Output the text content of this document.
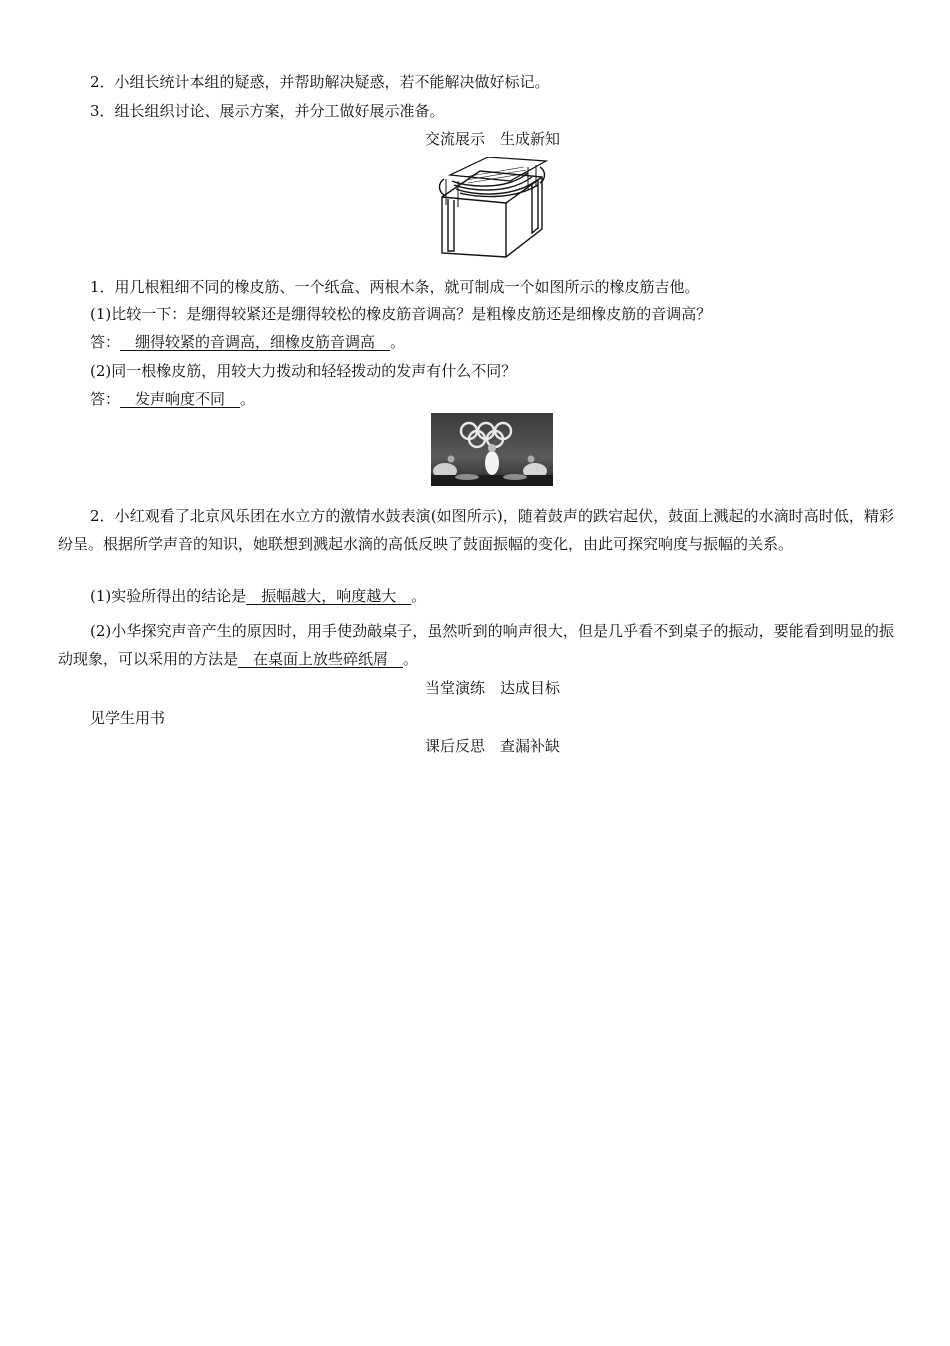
2．小组长统计本组的疑惑，并帮助解决疑惑，若不能解决做好标记。
3．组长组织讨论、展示方案，并分工做好展示准备。
交流展示　生成新知
1．用几根粗细不同的橡皮筋、一个纸盒、两根木条，就可制成一个如图所示的橡皮筋吉他。
(1)比较一下：是绷得较紧还是绷得较松的橡皮筋音调高？是粗橡皮筋还是细橡皮筋的音调高？
答：__绷得较紧的音调高，细橡皮筋音调高__。
(2)同一根橡皮筋，用较大力拨动和轻轻拨动的发声有什么不同？
答：__发声响度不同__。
2．小红观看了北京风乐团在水立方的激情水鼓表演(如图所示)，随着鼓声的跌宕起伏，鼓面上溅起的水滴时高时低，精彩纷呈。根据所学声音的知识，她联想到溅起水滴的高低反映了鼓面振幅的变化，由此可探究响度与振幅的关系。
(1)实验所得出的结论是__振幅越大，响度越大__。
(2)小华探究声音产生的原因时，用手使劲敲桌子，虽然听到的响声很大，但是几乎看不到桌子的振动，要能看到明显的振动现象，可以采用的方法是__在桌面上放些碎纸屑__。
当堂演练　达成目标
见学生用书
课后反思　查漏补缺
